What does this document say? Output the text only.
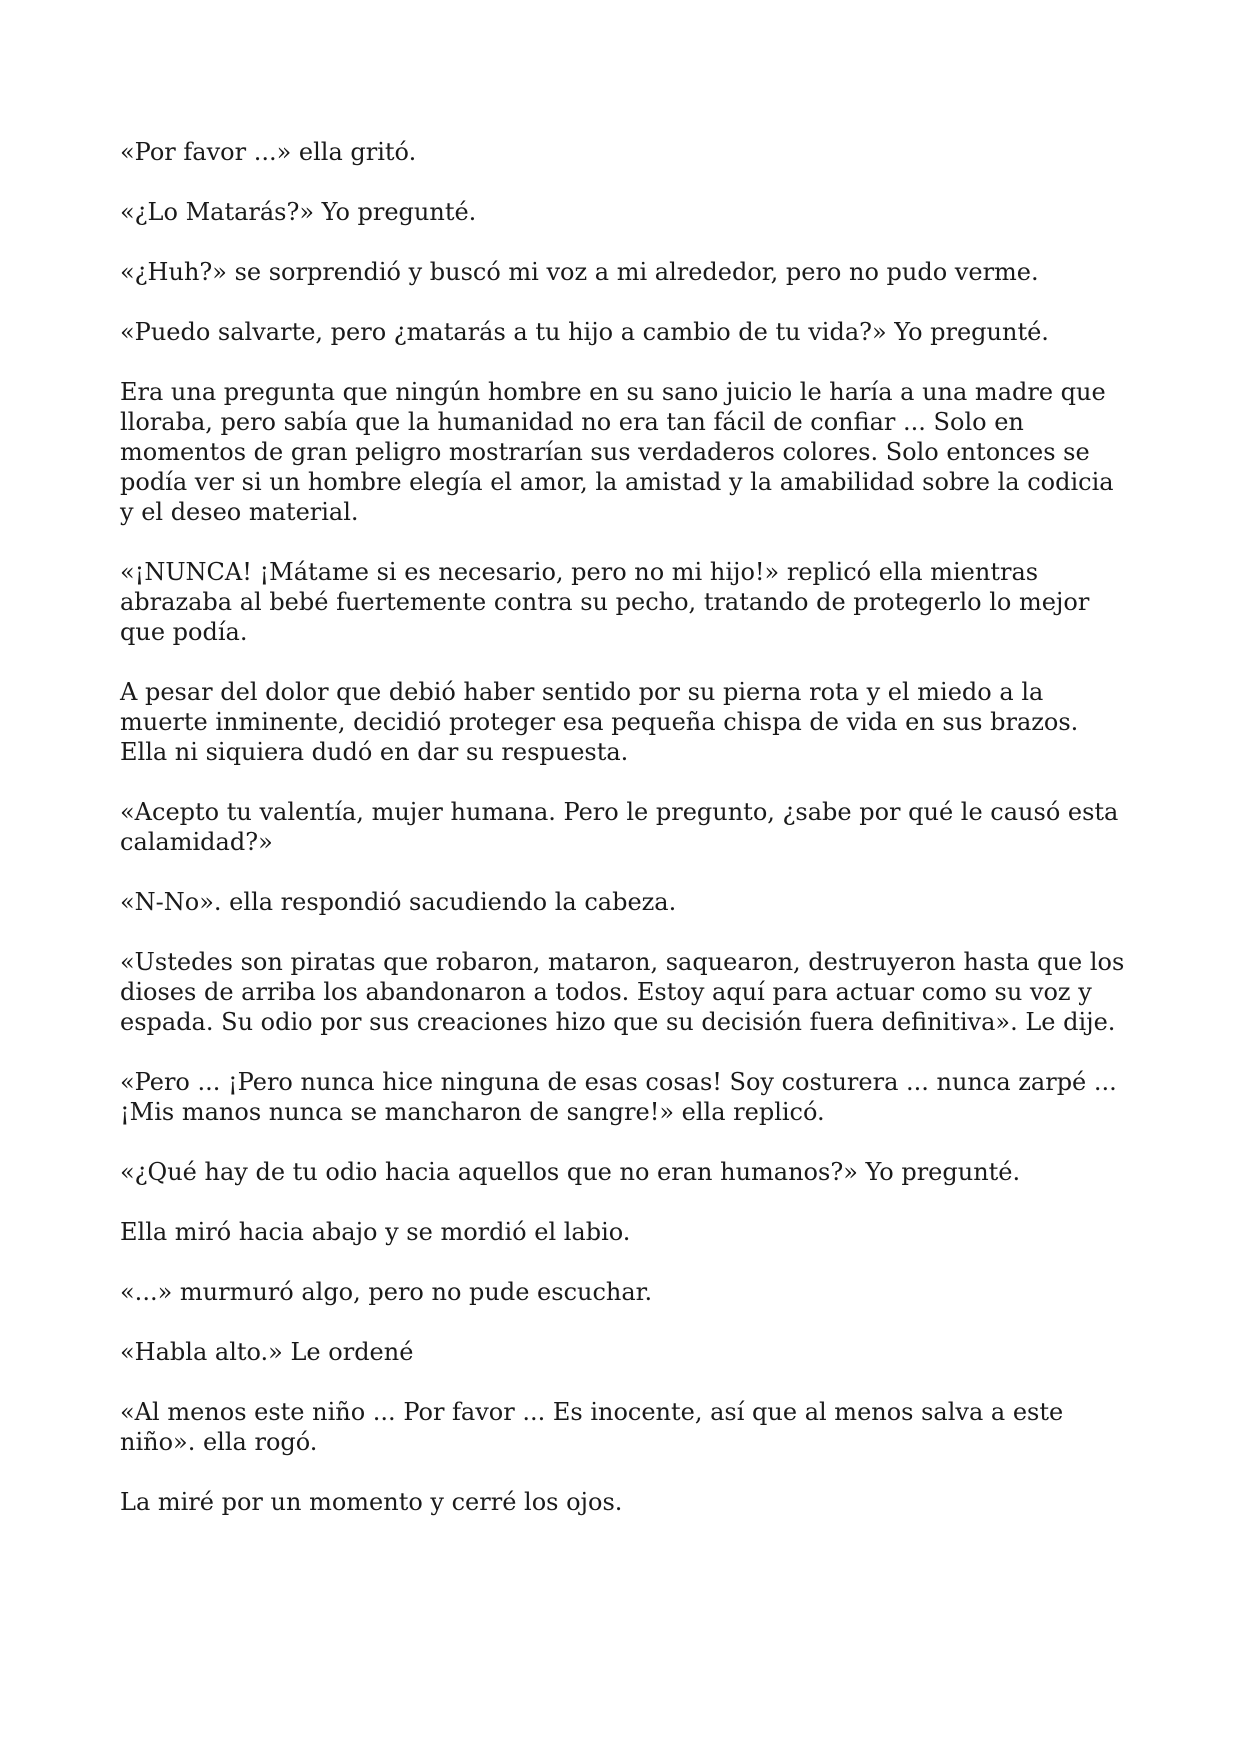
«Por favor ...» ella gritó.

«¿Lo Matarás?» Yo pregunté.

«¿Huh?» se sorprendió y buscó mi voz a mi alrededor, pero no pudo verme.

«Puedo salvarte, pero ¿matarás a tu hijo a cambio de tu vida?» Yo pregunté.

Era una pregunta que ningún hombre en su sano juicio le haría a una madre que lloraba, pero sabía que la humanidad no era tan fácil de confiar ... Solo en momentos de gran peligro mostrarían sus verdaderos colores. Solo entonces se podía ver si un hombre elegía el amor, la amistad y la amabilidad sobre la codicia y el deseo material.

«¡NUNCA! ¡Mátame si es necesario, pero no mi hijo!» replicó ella mientras abrazaba al bebé fuertemente contra su pecho, tratando de protegerlo lo mejor que podía.

A pesar del dolor que debió haber sentido por su pierna rota y el miedo a la muerte inminente, decidió proteger esa pequeña chispa de vida en sus brazos. Ella ni siquiera dudó en dar su respuesta.

«Acepto tu valentía, mujer humana. Pero le pregunto, ¿sabe por qué le causó esta calamidad?»

«N-No». ella respondió sacudiendo la cabeza.

«Ustedes son piratas que robaron, mataron, saquearon, destruyeron hasta que los dioses de arriba los abandonaron a todos. Estoy aquí para actuar como su voz y espada. Su odio por sus creaciones hizo que su decisión fuera definitiva». Le dije.

«Pero ... ¡Pero nunca hice ninguna de esas cosas! Soy costurera ... nunca zarpé ... ¡Mis manos nunca se mancharon de sangre!» ella replicó.

«¿Qué hay de tu odio hacia aquellos que no eran humanos?» Yo pregunté.

Ella miró hacia abajo y se mordió el labio.

«...» murmuró algo, pero no pude escuchar.

«Habla alto.» Le ordené

«Al menos este niño ... Por favor ... Es inocente, así que al menos salva a este niño». ella rogó.

La miré por un momento y cerré los ojos.
